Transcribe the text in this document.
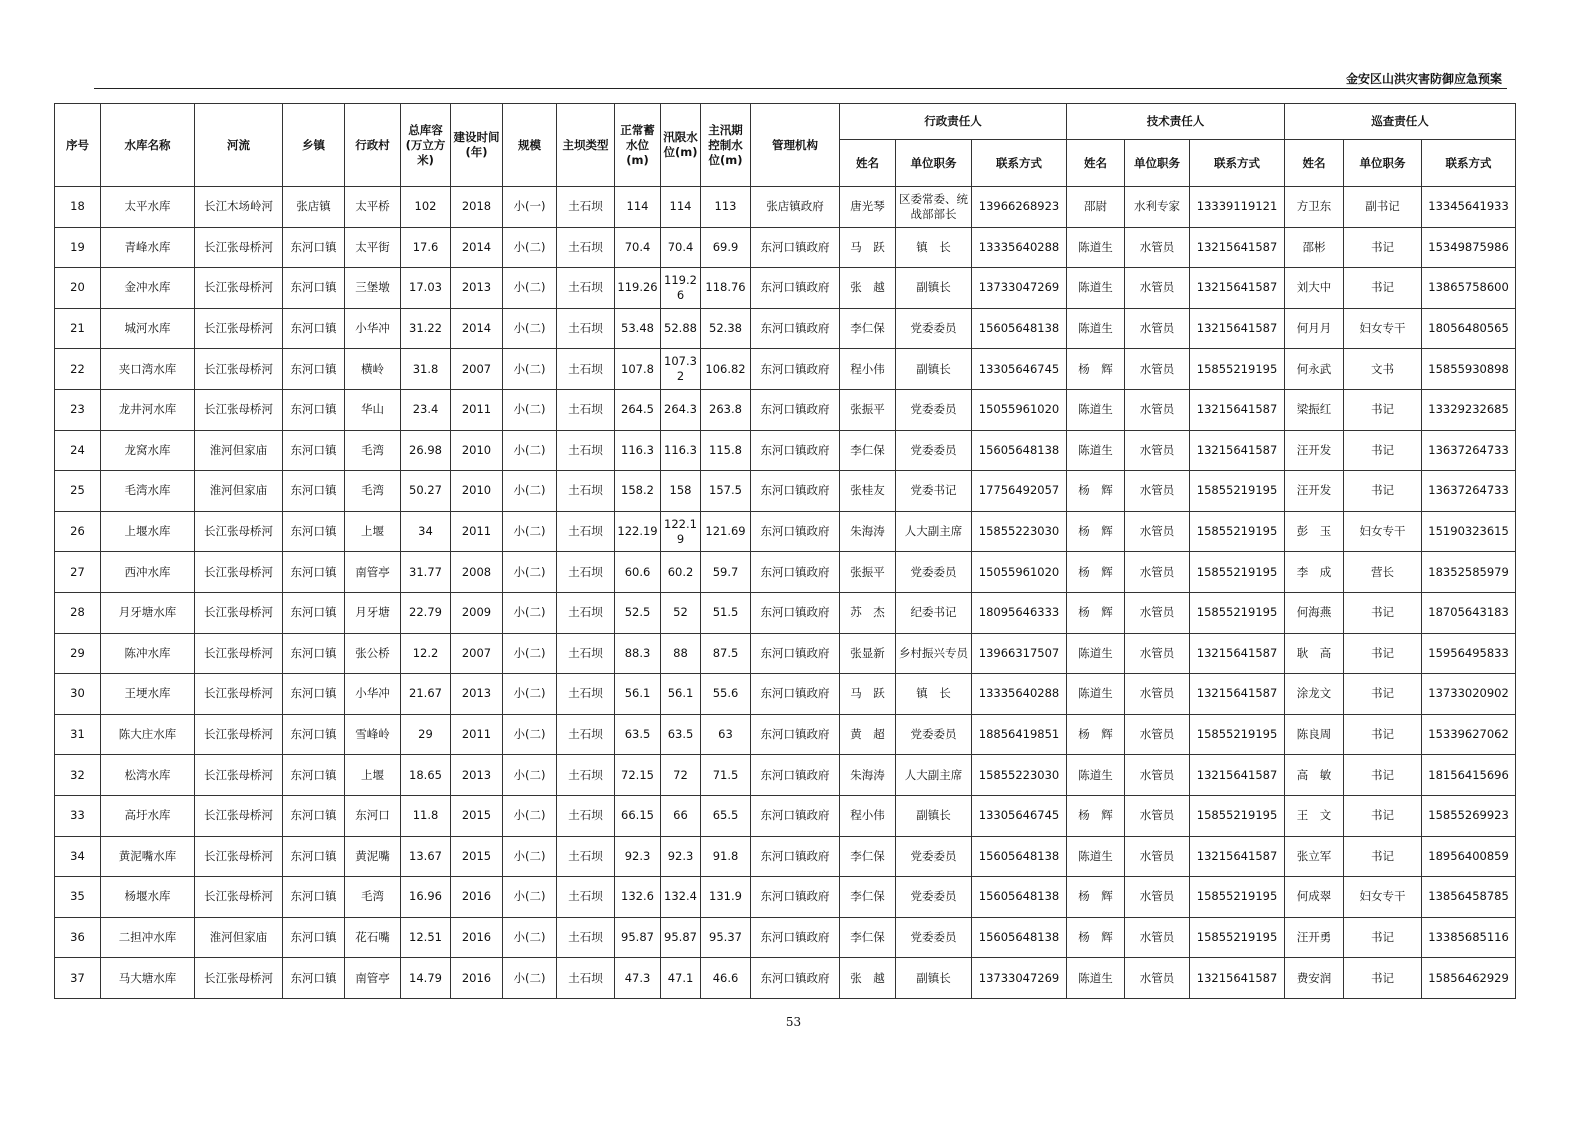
金安区山洪灾害防御应急预案
序号	水库名称	河流	乡镇	行政村	总库容(万立方米)	建设时间(年)	规模	主坝类型	正常蓄水位(m)	汛限水位(m)	主汛期控制水位(m)	管理机构	行政责任人			技术责任人			巡查责任人		
													姓名	单位职务	联系方式	姓名	单位职务	联系方式	姓名	单位职务	联系方式
18	太平水库	长江木场岭河	张店镇	太平桥	102	2018	小(一)	土石坝	114	114	113	张店镇政府	唐光琴	区委常委、统战部部长	13966268923	邵尉	水利专家	13339119121	方卫东	副书记	13345641933
19	青峰水库	长江张母桥河	东河口镇	太平街	17.6	2014	小(二)	土石坝	70.4	70.4	69.9	东河口镇政府	马　跃	镇　长	13335640288	陈道生	水管员	13215641587	邵彬	书记	15349875986
20	金冲水库	长江张母桥河	东河口镇	三堡墩	17.03	2013	小(二)	土石坝	119.26	119.26	118.76	东河口镇政府	张　越	副镇长	13733047269	陈道生	水管员	13215641587	刘大中	书记	13865758600
21	城河水库	长江张母桥河	东河口镇	小华冲	31.22	2014	小(二)	土石坝	53.48	52.88	52.38	东河口镇政府	李仁保	党委委员	15605648138	陈道生	水管员	13215641587	何月月	妇女专干	18056480565
22	夹口湾水库	长江张母桥河	东河口镇	横岭	31.8	2007	小(二)	土石坝	107.8	107.32	106.82	东河口镇政府	程小伟	副镇长	13305646745	杨　辉	水管员	15855219195	何永武	文书	15855930898
23	龙井河水库	长江张母桥河	东河口镇	华山	23.4	2011	小(二)	土石坝	264.5	264.3	263.8	东河口镇政府	张振平	党委委员	15055961020	陈道生	水管员	13215641587	梁振红	书记	13329232685
24	龙窝水库	淮河但家庙	东河口镇	毛湾	26.98	2010	小(二)	土石坝	116.3	116.3	115.8	东河口镇政府	李仁保	党委委员	15605648138	陈道生	水管员	13215641587	汪开发	书记	13637264733
25	毛湾水库	淮河但家庙	东河口镇	毛湾	50.27	2010	小(二)	土石坝	158.2	158	157.5	东河口镇政府	张桂友	党委书记	17756492057	杨　辉	水管员	15855219195	汪开发	书记	13637264733
26	上堰水库	长江张母桥河	东河口镇	上堰	34	2011	小(二)	土石坝	122.19	122.19	121.69	东河口镇政府	朱海涛	人大副主席	15855223030	杨　辉	水管员	15855219195	彭　玉	妇女专干	15190323615
27	西冲水库	长江张母桥河	东河口镇	南管亭	31.77	2008	小(二)	土石坝	60.6	60.2	59.7	东河口镇政府	张振平	党委委员	15055961020	杨　辉	水管员	15855219195	李　成	营长	18352585979
28	月牙塘水库	长江张母桥河	东河口镇	月牙塘	22.79	2009	小(二)	土石坝	52.5	52	51.5	东河口镇政府	苏　杰	纪委书记	18095646333	杨　辉	水管员	15855219195	何海燕	书记	18705643183
29	陈冲水库	长江张母桥河	东河口镇	张公桥	12.2	2007	小(二)	土石坝	88.3	88	87.5	东河口镇政府	张显新	乡村振兴专员	13966317507	陈道生	水管员	13215641587	耿　高	书记	15956495833
30	王埂水库	长江张母桥河	东河口镇	小华冲	21.67	2013	小(二)	土石坝	56.1	56.1	55.6	东河口镇政府	马　跃	镇　长	13335640288	陈道生	水管员	13215641587	涂龙文	书记	13733020902
31	陈大庄水库	长江张母桥河	东河口镇	雪峰岭	29	2011	小(二)	土石坝	63.5	63.5	63	东河口镇政府	黄　超	党委委员	18856419851	杨　辉	水管员	15855219195	陈良周	书记	15339627062
32	松湾水库	长江张母桥河	东河口镇	上堰	18.65	2013	小(二)	土石坝	72.15	72	71.5	东河口镇政府	朱海涛	人大副主席	15855223030	陈道生	水管员	13215641587	高　敏	书记	18156415696
33	高圩水库	长江张母桥河	东河口镇	东河口	11.8	2015	小(二)	土石坝	66.15	66	65.5	东河口镇政府	程小伟	副镇长	13305646745	杨　辉	水管员	15855219195	王　文	书记	15855269923
34	黄泥嘴水库	长江张母桥河	东河口镇	黄泥嘴	13.67	2015	小(二)	土石坝	92.3	92.3	91.8	东河口镇政府	李仁保	党委委员	15605648138	陈道生	水管员	13215641587	张立军	书记	18956400859
35	杨堰水库	长江张母桥河	东河口镇	毛湾	16.96	2016	小(二)	土石坝	132.6	132.4	131.9	东河口镇政府	李仁保	党委委员	15605648138	杨　辉	水管员	15855219195	何成翠	妇女专干	13856458785
36	二担冲水库	淮河但家庙	东河口镇	花石嘴	12.51	2016	小(二)	土石坝	95.87	95.87	95.37	东河口镇政府	李仁保	党委委员	15605648138	杨　辉	水管员	15855219195	汪开勇	书记	13385685116
37	马大塘水库	长江张母桥河	东河口镇	南管亭	14.79	2016	小(二)	土石坝	47.3	47.1	46.6	东河口镇政府	张　越	副镇长	13733047269	陈道生	水管员	13215641587	费安润	书记	15856462929
53
